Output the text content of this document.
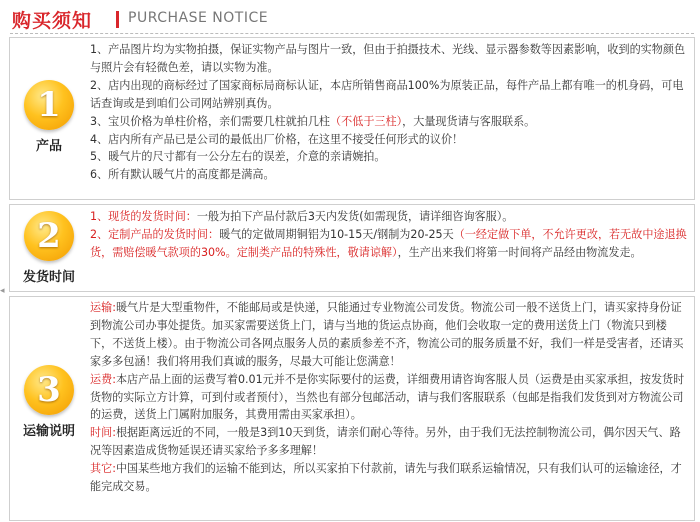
购买须知	PURCHASE NOTICE
◂
1
产品

1、产品图片均为实物拍摄，保证实物产品与图片一致，但由于拍摄技术、光线、显示器参数等因素影响，收到的实物颜色与照片会有轻微色差，请以实物为准。

2、店内出现的商标经过了国家商标局商标认证，本店所销售商品100%为原装正品，每件产品上都有唯一的机身码，可电话查询或是到咱们公司网站辨别真伪。

3、宝贝价格为单柱价格，亲们需要几柱就拍几柱（不低于三柱），大量现货请与客服联系。

4、店内所有产品已是公司的最低出厂价格，在这里不接受任何形式的议价！

5、暖气片的尺寸都有一公分左右的误差，介意的亲请婉拍。

6、所有默认暖气片的高度都是满高。

2
发货时间

1、现货的发货时间：一般为拍下产品付款后3天内发货(如需现货，请详细咨询客服）。

2、定制产品的发货时间：暖气的定做周期铜铝为10-15天/钢制为20-25天（一经定做下单，不允许更改，若无故中途退换货，需赔偿暖气款项的30%。定制类产品的特殊性，敬请谅解），生产出来我们将第一时间将产品经由物流发走。

3
运输说明

运输:暖气片是大型重物件，不能邮局或是快递，只能通过专业物流公司发货。物流公司一般不送货上门，请买家持身份证到物流公司办事处提货。加买家需要送货上门，请与当地的货运点协商，他们会收取一定的费用送货上门（物流只到楼下，不送货上楼）。由于物流公司各网点服务人员的素质参差不齐，物流公司的服务质量不好，我们一样是受害者，还请买家多多包涵！我们将用我们真诚的服务，尽最大可能让您满意！

运费:本店产品上面的运费写着0.01元并不是你实际要付的运费，详细费用请咨询客服人员（运费是由买家承担，按发货时货物的实际立方计算，可到付或者预付），当然也有部分包邮活动，请与我们客服联系（包邮是指我们发货到对方物流公司的运费，送货上门属附加服务，其费用需由买家承担）。

时间:根据距离远近的不同，一般是3到10天到货，请亲们耐心等待。另外，由于我们无法控制物流公司，偶尔因天气、路况等因素造成货物延误还请买家给予多多理解！

其它:中国某些地方我们的运输不能到达，所以买家拍下付款前，请先与我们联系运输情况，只有我们认可的运输途径，才能完成交易。
